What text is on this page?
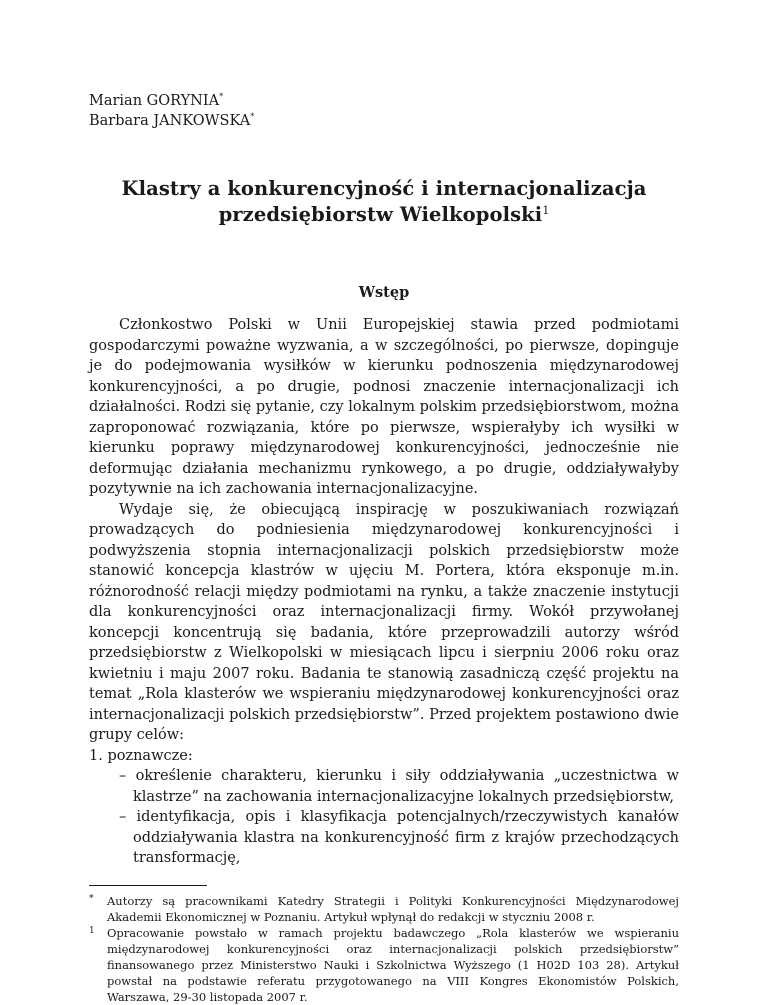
Marian GORYNIA*
Barbara JANKOWSKA*
Klastry a konkurencyjność i internacjonalizacja
przedsiębiorstw Wielkopolski$^1$
Wstęp

Członkostwo Polski w Unii Europejskiej stawia przed podmiotami gospodarczymi poważne wyzwania, a w szczególności, po pierwsze, dopinguje je do podejmowania wysiłków w kierunku podnoszenia międzynarodowej konkurencyjności, a po drugie, podnosi znaczenie internacjonalizacji ich działalności. Rodzi się pytanie, czy lokalnym polskim przedsiębiorstwom, można zaproponować rozwiązania, które po pierwsze, wspierałyby ich wysiłki w kierunku poprawy międzynarodowej konkurencyjności, jednocześnie nie deformując działania mechanizmu rynkowego, a po drugie, oddziaływałyby pozytywnie na ich zachowania internacjonalizacyjne.

Wydaje się, że obiecującą inspirację w poszukiwaniach rozwiązań prowadzących do podniesienia międzynarodowej konkurencyjności i podwyższenia stopnia internacjonalizacji polskich przedsiębiorstw może stanowić koncepcja klastrów w ujęciu M. Portera, która eksponuje m.in. różnorodność relacji między podmiotami na rynku, a także znaczenie instytucji dla konkurencyjności oraz internacjonalizacji firmy. Wokół przywołanej koncepcji koncentrują się badania, które przeprowadzili autorzy wśród przedsiębiorstw z Wielkopolski w miesiącach lipcu i sierpniu 2006 roku oraz kwietniu i maju 2007 roku. Badania te stanowią zasadniczą część projektu na temat „Rola klasterów we wspieraniu międzynarodowej konkurencyjności oraz internacjonalizacji polskich przedsiębiorstw”. Przed projektem postawiono dwie grupy celów:

1. poznawcze:
– określenie charakteru, kierunku i siły oddziaływania „uczestnictwa w klastrze” na zachowania internacjonalizacyjne lokalnych przedsiębiorstw,
– identyfikacja, opis i klasyfikacja potencjalnych/rzeczywistych kanałów oddziaływania klastra na konkurencyjność firm z krajów przechodzących transformację,
* Autorzy są pracownikami Katedry Strategii i Polityki Konkurencyjności Międzynarodowej Akademii Ekonomicznej w Poznaniu. Artykuł wpłynął do redakcji w styczniu 2008 r.
1 Opracowanie powstało w ramach projektu badawczego „Rola klasterów we wspieraniu międzynarodowej konkurencyjności oraz internacjonalizacji polskich przedsiębiorstw” finansowanego przez Ministerstwo Nauki i Szkolnictwa Wyższego (1 H02D 103 28). Artykuł powstał na podstawie referatu przygotowanego na VIII Kongres Ekonomistów Polskich, Warszawa, 29-30 listopada 2007 r.
